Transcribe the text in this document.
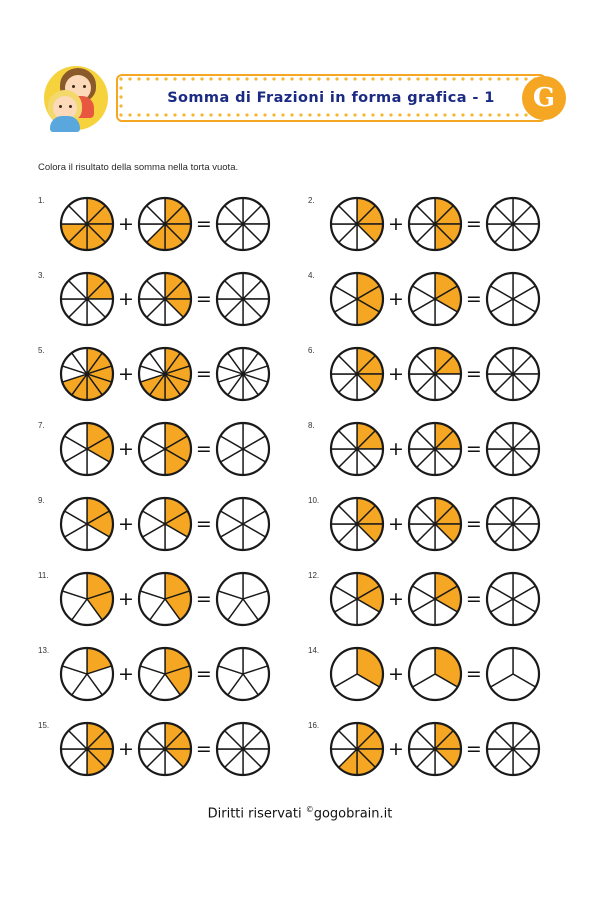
Somma di Frazioni in forma grafica - 1 G
Colora il risultato della somma nella torta vuota.
1.
+	=
2.
+	=
3.
+	=
4.
+	=
5.
+	=
6.
+	=
7.
+	=
8.
+	=
9.
+	=
10.
+	=
11.
+	=
12.
+	=
13.
+	=
14.
+	=
15.
+	=
16.
+	=
Diritti riservati ©gogobrain.it
